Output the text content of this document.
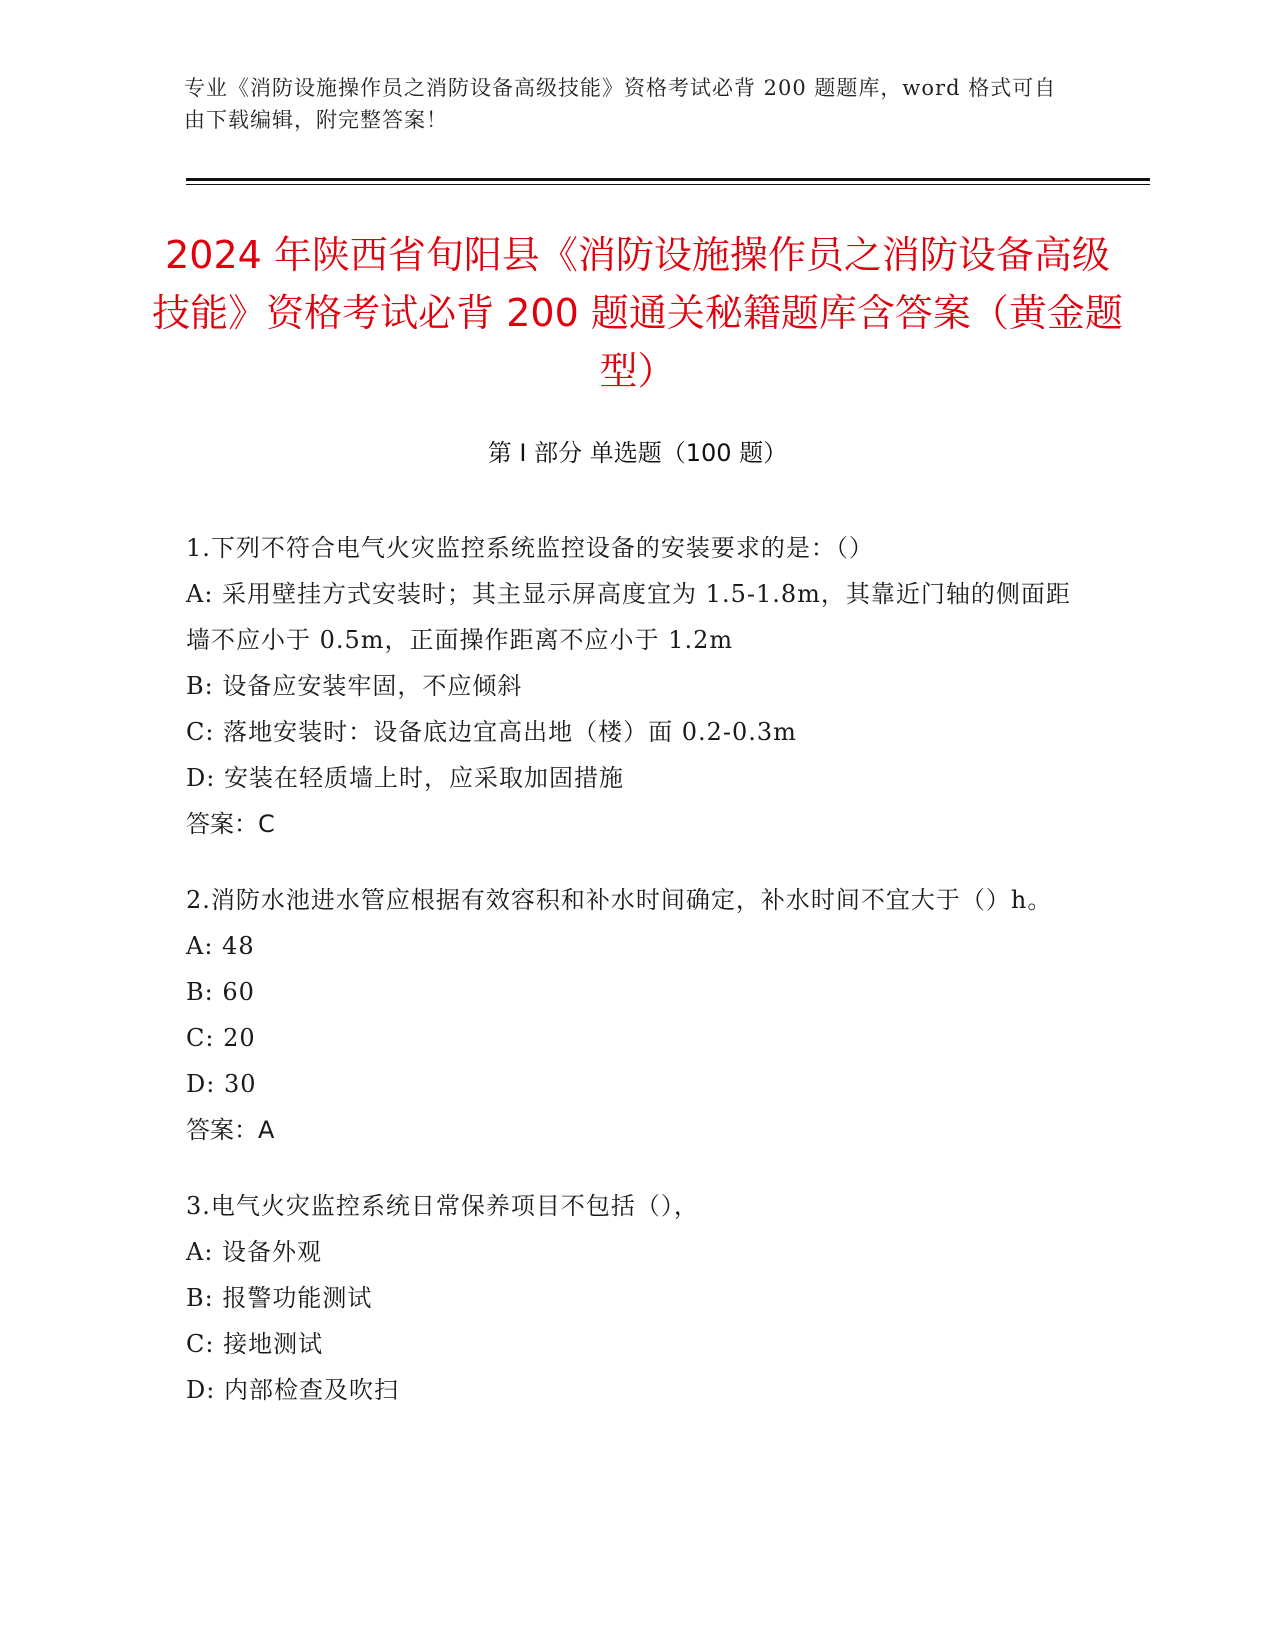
专业《消防设施操作员之消防设备高级技能》资格考试必背 200 题题库，word 格式可自由下载编辑，附完整答案！
2024 年陕西省旬阳县《消防设施操作员之消防设备高级技能》资格考试必背 200 题通关秘籍题库含答案（黄金题型）
第 I 部分 单选题（100 题）

1.下列不符合电气火灾监控系统监控设备的安装要求的是：（）

A: 采用壁挂方式安装时；其主显示屏高度宜为 1.5-1.8m，其靠近门轴的侧面距墙不应小于 0.5m，正面操作距离不应小于 1.2m

B: 设备应安装牢固，不应倾斜

C: 落地安装时：设备底边宜高出地（楼）面 0.2-0.3m

D: 安装在轻质墙上时，应采取加固措施

答案：C

2.消防水池进水管应根据有效容积和补水时间确定，补水时间不宜大于（）h。

A: 48

B: 60

C: 20

D: 30

答案：A

3.电气火灾监控系统日常保养项目不包括（），

A: 设备外观

B: 报警功能测试

C: 接地测试

D: 内部检查及吹扫
